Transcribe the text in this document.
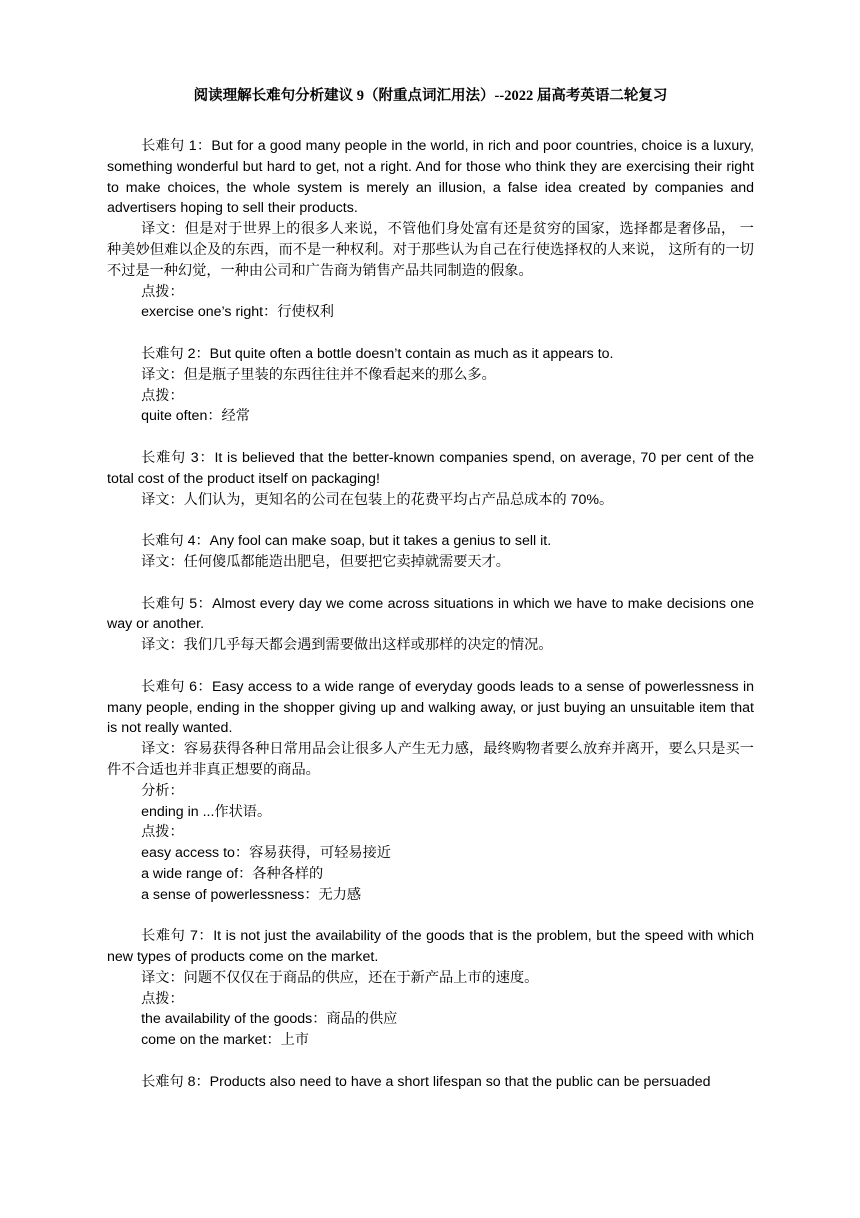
阅读理解长难句分析建议 9（附重点词汇用法）--2022 届高考英语二轮复习

长难句 1：But for a good many people in the world, in rich and poor countries, choice is a luxury, something wonderful but hard to get, not a right. And for those who think they are exercising their right to make choices, the whole system is merely an illusion, a false idea created by companies and advertisers hoping to sell their products.

译文：但是对于世界上的很多人来说，不管他们身处富有还是贫穷的国家，选择都是奢侈品， 一种美妙但难以企及的东西，而不是一种权利。对于那些认为自己在行使选择权的人来说， 这所有的一切不过是一种幻觉，一种由公司和广告商为销售产品共同制造的假象。

点拨：

exercise one’s right：行使权利

长难句 2：But quite often a bottle doesn’t contain as much as it appears to.

译文：但是瓶子里装的东西往往并不像看起来的那么多。

点拨：

quite often：经常

长难句 3：It is believed that the better-known companies spend, on average, 70 per cent of the total cost of the product itself on packaging!

译文：人们认为，更知名的公司在包装上的花费平均占产品总成本的 70%。

长难句 4：Any fool can make soap, but it takes a genius to sell it.

译文：任何傻瓜都能造出肥皂，但要把它卖掉就需要天才。

长难句 5：Almost every day we come across situations in which we have to make decisions one way or another.

译文：我们几乎每天都会遇到需要做出这样或那样的决定的情况。

长难句 6：Easy access to a wide range of everyday goods leads to a sense of powerlessness in many people, ending in the shopper giving up and walking away, or just buying an unsuitable item that is not really wanted.

译文：容易获得各种日常用品会让很多人产生无力感，最终购物者要么放弃并离开，要么只是买一件不合适也并非真正想要的商品。

分析：

ending in ...作状语。

点拨：

easy access to：容易获得，可轻易接近

a wide range of：各种各样的

a sense of powerlessness：无力感

长难句 7：It is not just the availability of the goods that is the problem, but the speed with which new types of products come on the market.

译文：问题不仅仅在于商品的供应，还在于新产品上市的速度。

点拨：

the availability of the goods：商品的供应

come on the market：上市

长难句 8：Products also need to have a short lifespan so that the public can be persuaded
